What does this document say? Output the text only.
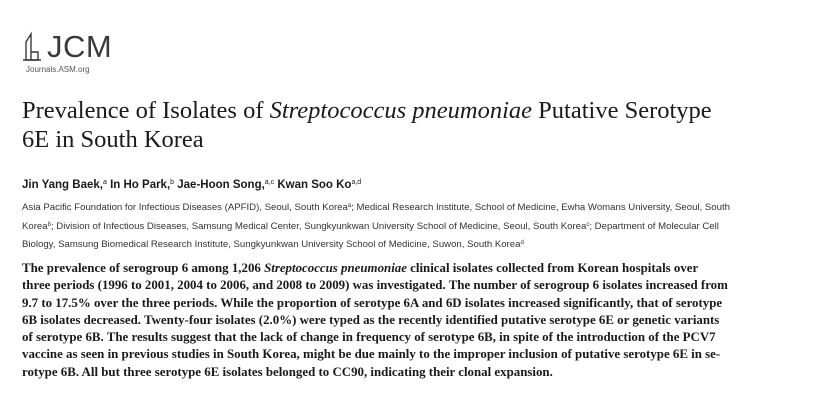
JCM
Journals.ASM.org
Prevalence of Isolates of Streptococcus pneumoniae Putative Serotype
6E in South Korea
Jin Yang Baek,$^a$ In Ho Park,$^b$ Jae-Hoon Song,$^{a,c}$ Kwan Soo Ko$^{a,d}$
Asia Pacific Foundation for Infectious Diseases (APFID), Seoul, South Korea$^a$; Medical Research Institute, School of Medicine, Ewha Womans University, Seoul, South
Korea$^b$; Division of Infectious Diseases, Samsung Medical Center, Sungkyunkwan University School of Medicine, Seoul, South Korea$^c$; Department of Molecular Cell
Biology, Samsung Biomedical Research Institute, Sungkyunkwan University School of Medicine, Suwon, South Korea$^d$
The prevalence of serogroup 6 among 1,206 Streptococcus pneumoniae clinical isolates collected from Korean hospitals over
three periods (1996 to 2001, 2004 to 2006, and 2008 to 2009) was investigated. The number of serogroup 6 isolates increased from
9.7 to 17.5% over the three periods. While the proportion of serotype 6A and 6D isolates increased significantly, that of serotype
6B isolates decreased. Twenty-four isolates (2.0%) were typed as the recently identified putative serotype 6E or genetic variants
of serotype 6B. The results suggest that the lack of change in frequency of serotype 6B, in spite of the introduction of the PCV7
vaccine as seen in previous studies in South Korea, might be due mainly to the improper inclusion of putative serotype 6E in se-
rotype 6B. All but three serotype 6E isolates belonged to CC90, indicating their clonal expansion.
